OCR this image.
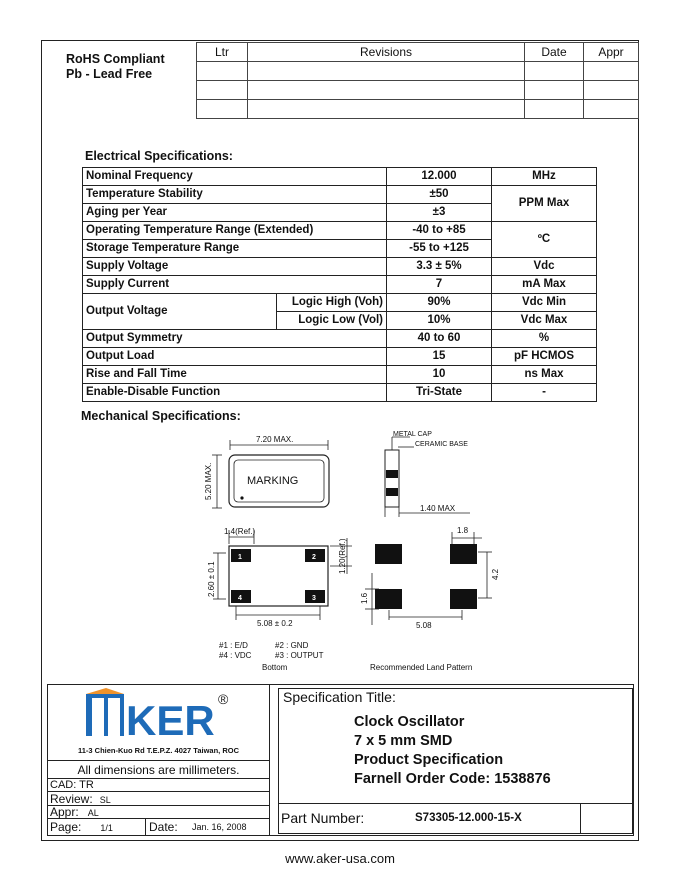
RoHS Compliant
Pb - Lead Free
Ltr	Revisions	Date	Appr

Electrical Specifications:
Nominal Frequency		12.000	MHz
Temperature Stability		±50	PPM Max
Aging per Year		±3	
Operating Temperature Range (Extended)		-40 to +85	ºC
Storage Temperature Range		-55 to +125	
Supply Voltage		3.3 ± 5%	Vdc
Supply Current		7	mA Max
Output Voltage	Logic High (Voh)	90%	Vdc Min
	Logic Low (Vol)	10%	Vdc Max
Output Symmetry		40 to 60	%
Output Load		15	pF HCMOS
Rise and Fall Time		10	ns Max
Enable-Disable Function		Tri-State	-
Mechanical Specifications:
7.20 MAX.
5.20 MAX.	MARKING
METAL CAP
CERAMIC BASE
1.40 MAX
1.4(Ref.)
1.20(Ref.)
2.60 ± 0.1
5.08 ± 0.2
1	2
3
4
1.8
4.2
1.6
5.08
#1 : E/D	#2 : GND
#4 : VDC	#3 : OUTPUT
Bottom	Recommended Land Pattern
KER ®
11-3 Chien-Kuo Rd T.E.P.Z. 4027 Taiwan, ROC
All dimensions are millimeters.
CAD: TR
Review: SL
Appr: AL
Page: 1/1	Date: Jan. 16, 2008
Specification Title:
Clock Oscillator
7 x 5 mm SMD
Product Specification
Farnell Order Code: 1538876
Part Number:	S73305-12.000-15-X
www.aker-usa.com
